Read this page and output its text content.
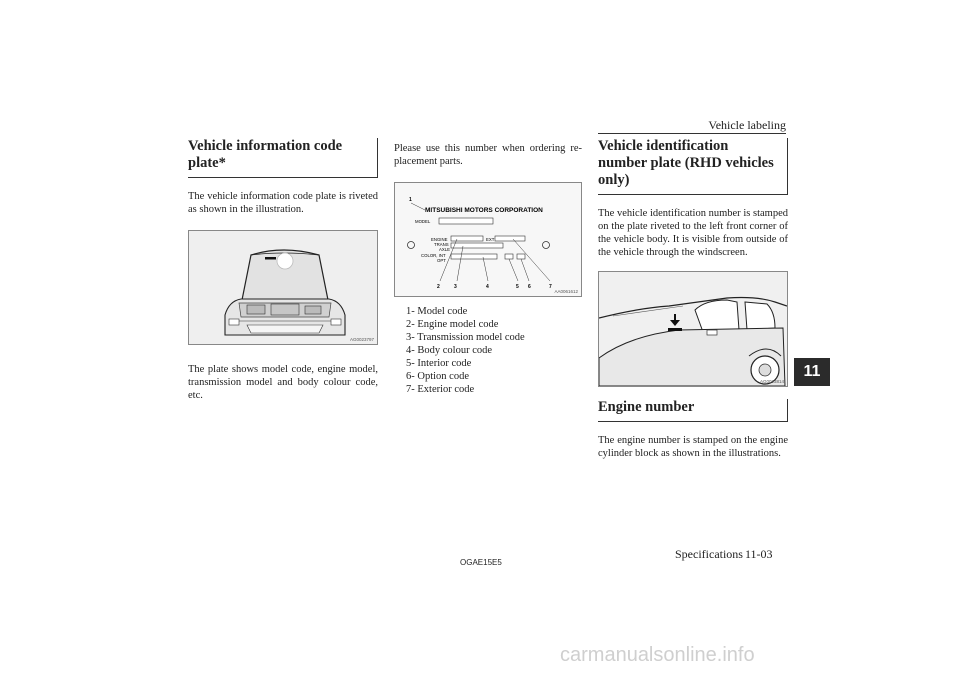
Vehicle labeling
11
Vehicle information code plate*

The vehicle information code plate is riveted as shown in the illustration.

AG0023797

The plate shows model code, engine model, transmission model and body colour code, etc.

Please use this number when ordering re-placement parts.

MITSUBISHI MOTORS CORPORATION
1
MODEL
ENGINE	EXT
TRANS
AXLE
COLOR, INT
OPT
2	3	4	5 6	7
AA0061612
1- Model code
2- Engine model code
3- Transmission model code
4- Body colour code
5- Interior code
6- Option code
7- Exterior code
Vehicle identification number plate (RHD vehicles only)

The vehicle identification number is stamped on the plate riveted to the left front corner of the vehicle body. It is visible from outside of the vehicle through the windscreen.

AG0023814
Engine number

The engine number is stamped on the engine cylinder block as shown in the illustrations.

OGAE15E5
Specifications 11-03
carmanualsonline.info
